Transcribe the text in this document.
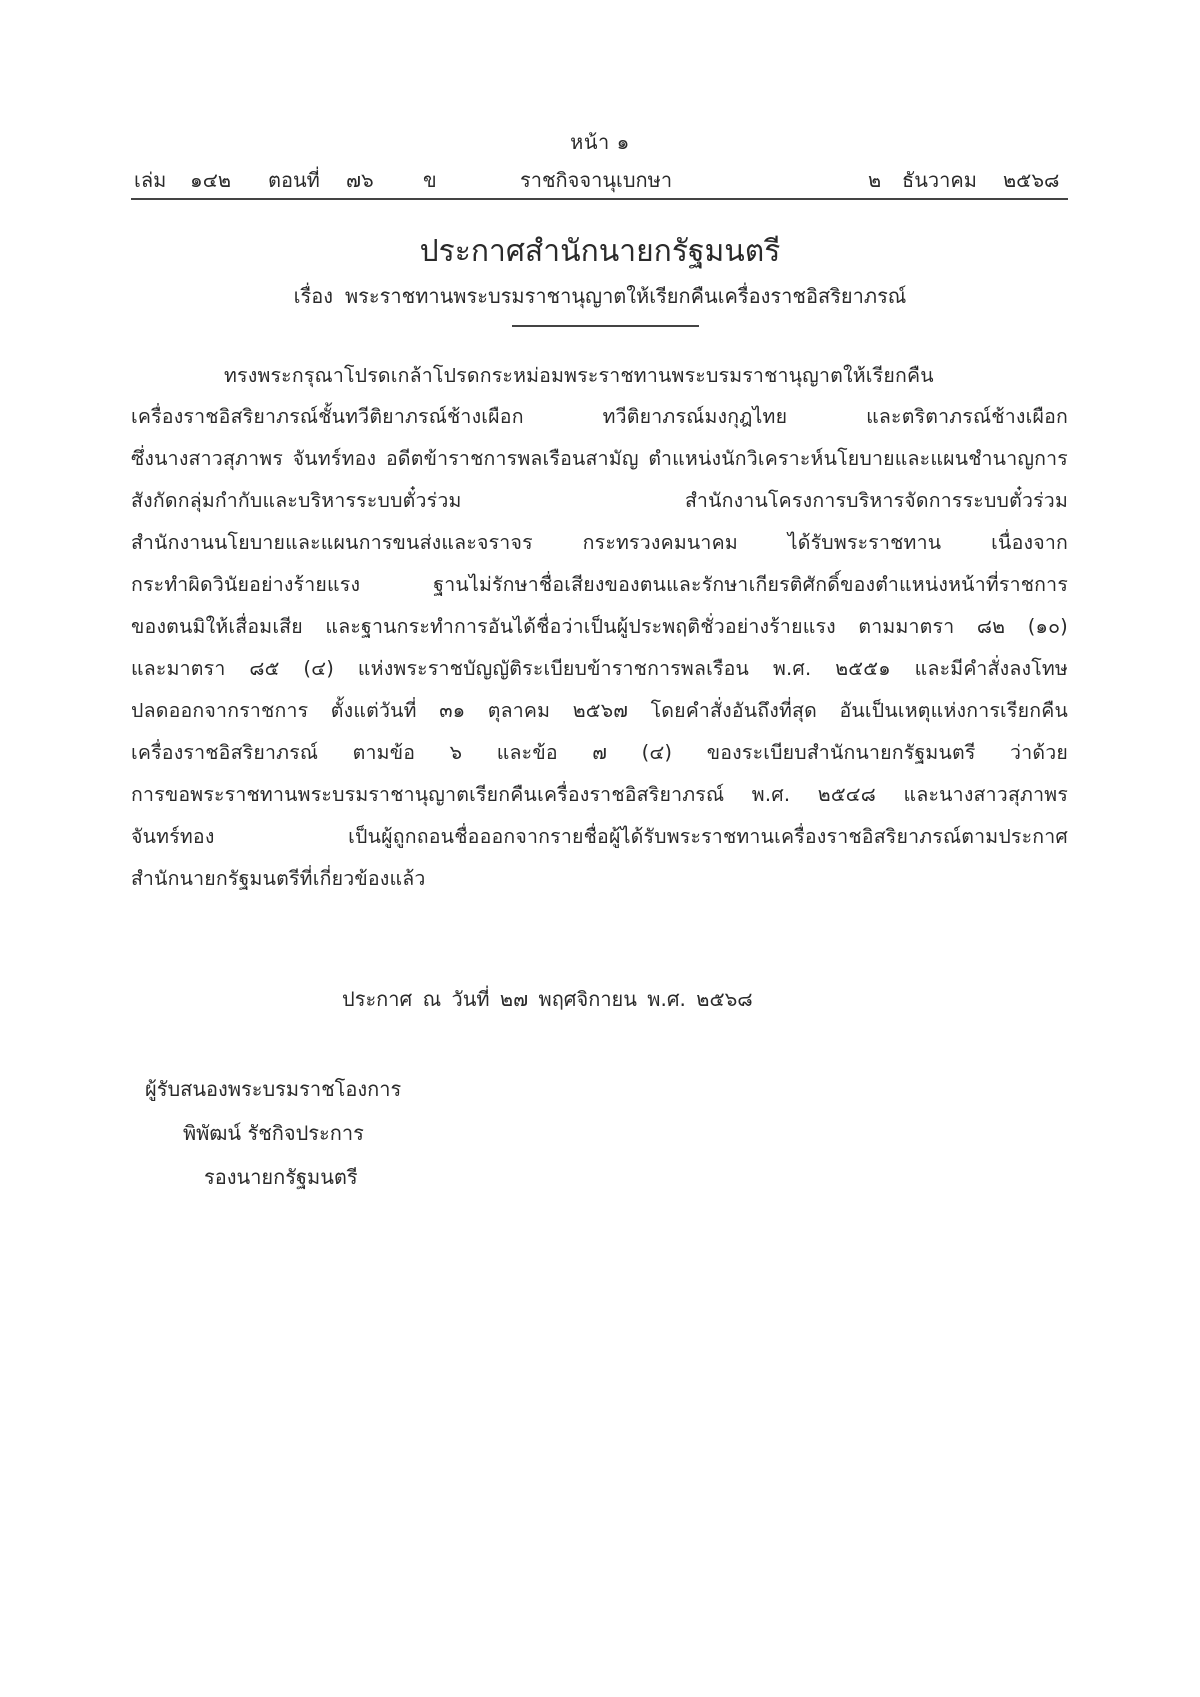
หน้า ๑
เล่ม ๑๔๒ ตอนที่ ๗๖ ข	ราชกิจจานุเบกษา	๒ ธันวาคม ๒๕๖๘
ประกาศสำนักนายกรัฐมนตรี
เรื่อง พระราชทานพระบรมราชานุญาตให้เรียกคืนเครื่องราชอิสริยาภรณ์
ทรงพระกรุณาโปรดเกล้าโปรดกระหม่อมพระราชทานพระบรมราชานุญาตให้เรียกคืน
เครื่องราชอิสริยาภรณ์ชั้นทวีติยาภรณ์ช้างเผือก ทวีติยาภรณ์มงกุฎไทย และตริตาภรณ์ช้างเผือก
ซึ่งนางสาวสุภาพร จันทร์ทอง อดีตข้าราชการพลเรือนสามัญ ตำแหน่งนักวิเคราะห์นโยบายและแผนชำนาญการ
สังกัดกลุ่มกำกับและบริหารระบบตั๋วร่วม สำนักงานโครงการบริหารจัดการระบบตั๋วร่วม
สำนักงานนโยบายและแผนการขนส่งและจราจร กระทรวงคมนาคม ได้รับพระราชทาน เนื่องจาก
กระทำผิดวินัยอย่างร้ายแรง ฐานไม่รักษาชื่อเสียงของตนและรักษาเกียรติศักดิ์ของตำแหน่งหน้าที่ราชการ
ของตนมิให้เสื่อมเสีย และฐานกระทำการอันได้ชื่อว่าเป็นผู้ประพฤติชั่วอย่างร้ายแรง ตามมาตรา ๘๒ (๑๐)
และมาตรา ๘๕ (๔) แห่งพระราชบัญญัติระเบียบข้าราชการพลเรือน พ.ศ. ๒๕๕๑ และมีคำสั่งลงโทษ
ปลดออกจากราชการ ตั้งแต่วันที่ ๓๑ ตุลาคม ๒๕๖๗ โดยคำสั่งอันถึงที่สุด อันเป็นเหตุแห่งการเรียกคืน
เครื่องราชอิสริยาภรณ์ ตามข้อ ๖ และข้อ ๗ (๔) ของระเบียบสำนักนายกรัฐมนตรี ว่าด้วย
การขอพระราชทานพระบรมราชานุญาตเรียกคืนเครื่องราชอิสริยาภรณ์ พ.ศ. ๒๕๔๘ และนางสาวสุภาพร
จันทร์ทอง เป็นผู้ถูกถอนชื่อออกจากรายชื่อผู้ได้รับพระราชทานเครื่องราชอิสริยาภรณ์ตามประกาศ
สำนักนายกรัฐมนตรีที่เกี่ยวข้องแล้ว
ประกาศ ณ วันที่ ๒๗ พฤศจิกายน พ.ศ. ๒๕๖๘
ผู้รับสนองพระบรมราชโองการ
พิพัฒน์ รัชกิจประการ
รองนายกรัฐมนตรี
